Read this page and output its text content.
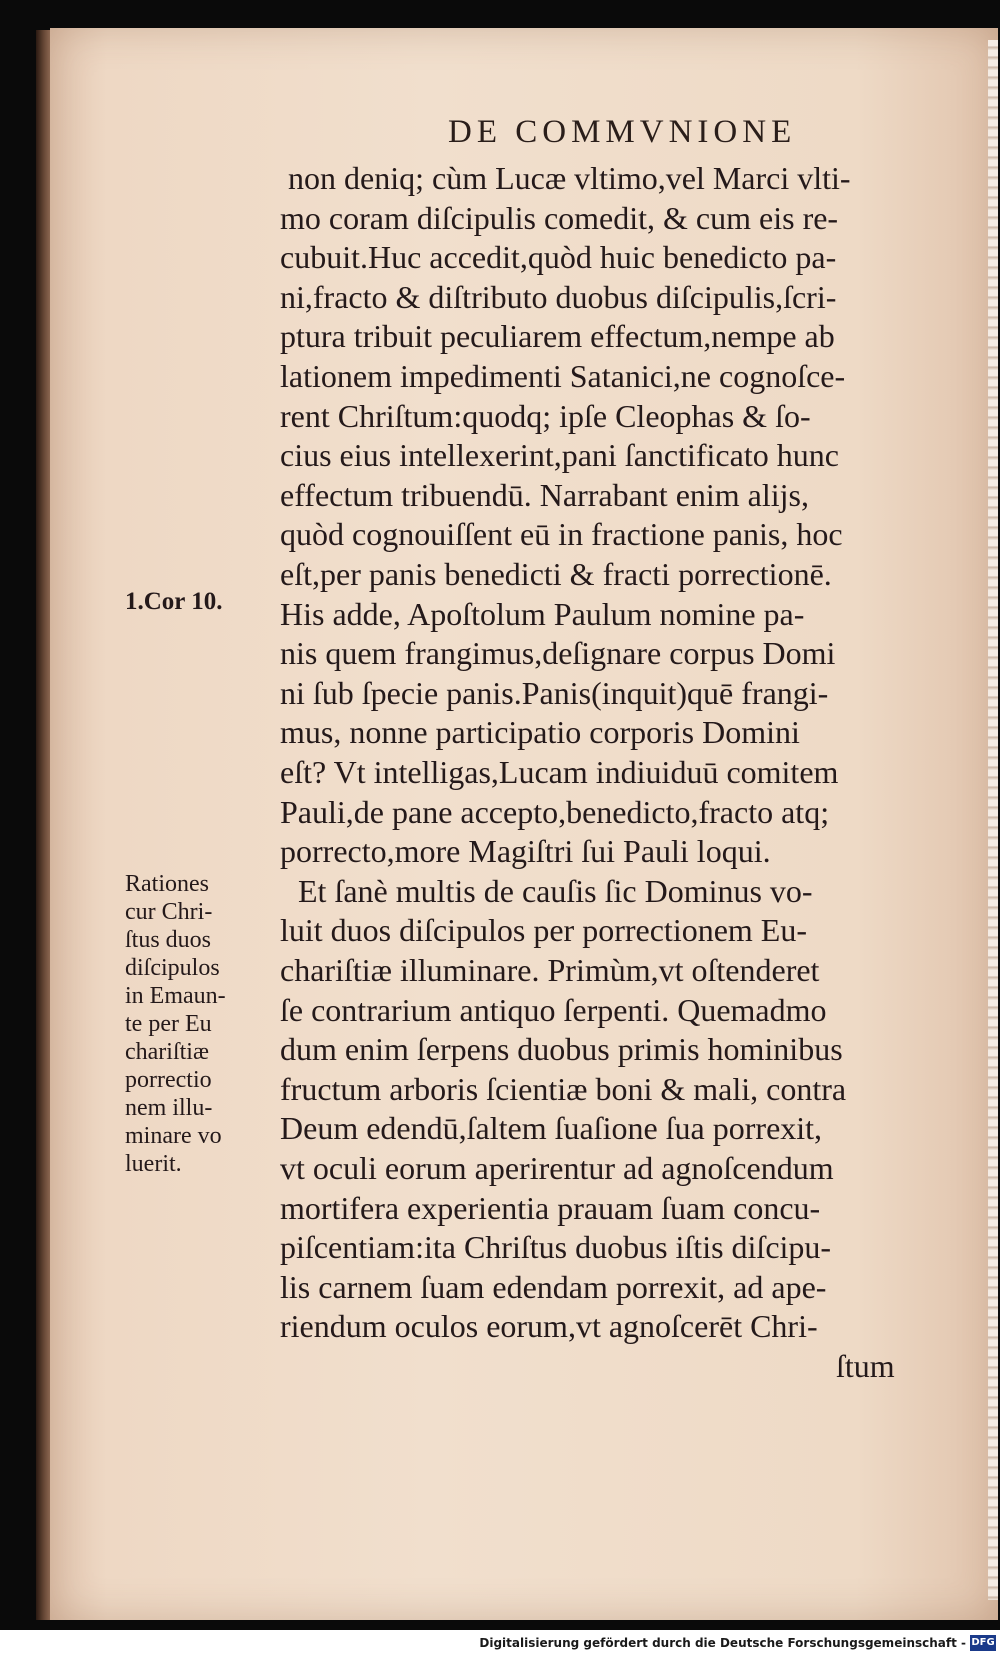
DE COMMVNIONE
non deniq; cùm Lucæ vltimo,vel Marci vlti-
mo coram diſcipulis comedit, & cum eis re-
cubuit.Huc accedit,quòd huic benedicto pa-
ni,fracto & diſtributo duobus diſcipulis,ſcri-
ptura tribuit peculiarem effectum,nempe ab
lationem impedimenti Satanici,ne cognoſce-
rent Chriſtum:quodq; ipſe Cleophas & ſo-
cius eius intellexerint,pani ſanctificato hunc
effectum tribuendū. Narrabant enim alijs,
quòd cognouiſſent eū in fractione panis, hoc
eſt,per panis benedicti & fracti porrectionē.
His adde, Apoſtolum Paulum nomine pa-
nis quem frangimus,deſignare corpus Domi
ni ſub ſpecie panis.Panis(inquit)quē frangi-
mus, nonne participatio corporis Domini
eſt? Vt intelligas,Lucam indiuiduū comitem
Pauli,de pane accepto,benedicto,fracto atq;
porrecto,more Magiſtri ſui Pauli loqui.
Et ſanè multis de cauſis ſic Dominus vo-
luit duos diſcipulos per porrectionem Eu-
chariſtiæ illuminare. Primùm,vt oſtenderet
ſe contrarium antiquo ſerpenti. Quemadmo
dum enim ſerpens duobus primis hominibus
fructum arboris ſcientiæ boni & mali, contra
Deum edendū,ſaltem ſuaſione ſua porrexit,
vt oculi eorum aperirentur ad agnoſcendum
mortifera experientia prauam ſuam concu-
piſcentiam:ita Chriſtus duobus iſtis diſcipu-
lis carnem ſuam edendam porrexit, ad ape-
riendum oculos eorum,vt agnoſcerēt Chri-
ſtum
1.Cor 10.
Rationes
cur Chri-
ſtus duos
diſcipulos
in Emaun-
te per Eu
chariſtiæ
porrectio
nem illu-
minare vo
luerit.
Digitalisierung gefördert durch die Deutsche Forschungsgemeinschaft - DFG
